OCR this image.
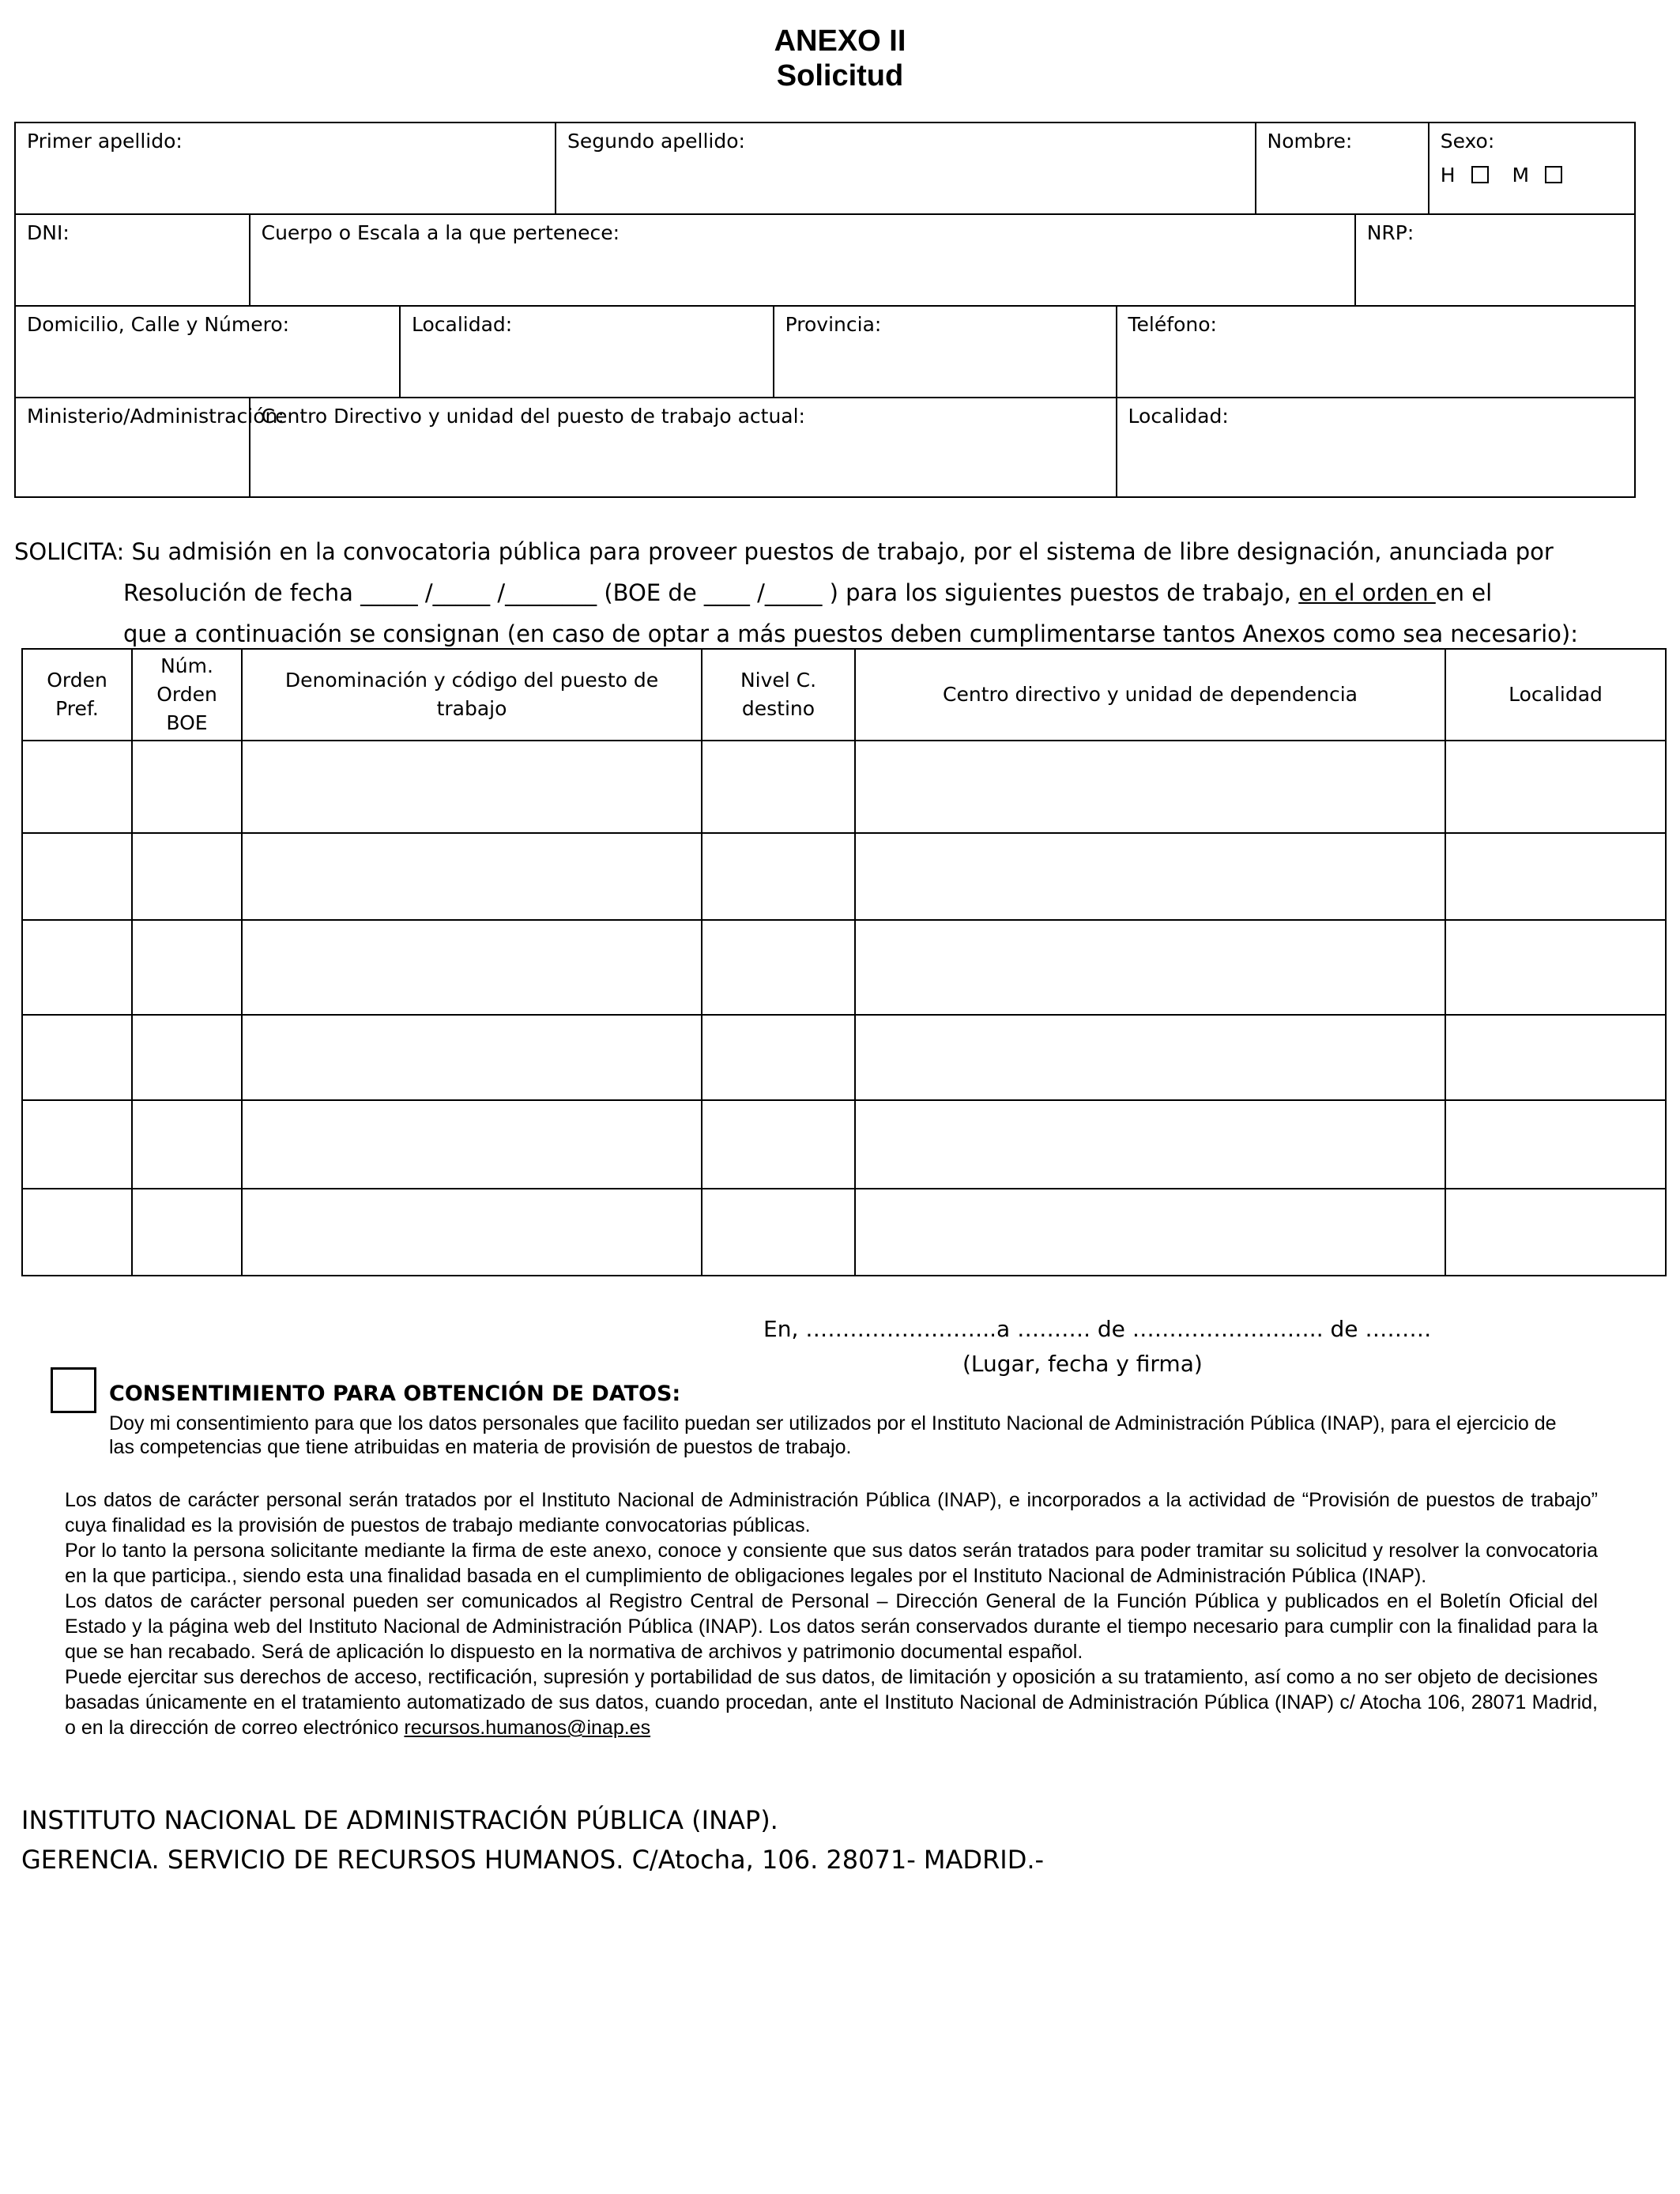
ANEXO II
Solicitud
Primer apellido:			Segundo apellido:			Nombre:		Sexo:
H M

DNI:	Cuerpo o Escala a la que pertenece:						NRP:	

Domicilio, Calle y Número:		Localidad:		Provincia:	Teléfono:			

Ministerio/Administración:	Centro Directivo y unidad del puesto de trabajo actual:				Localidad:			
SOLICITA: Su admisión en la convocatoria pública para proveer puestos de trabajo, por el sistema de libre designación, anunciada por
Resolución de fecha _____ /_____ /________ (BOE de ____ /_____ ) para los siguientes puestos de trabajo, en el orden en el
que a continuación se consignan (en caso de optar a más puestos deben cumplimentarse tantos Anexos como sea necesario):
Orden Pref.	Núm. Orden BOE	Denominación y código del puesto de trabajo	Nivel C. destino	Centro directivo y unidad de dependencia	Localidad

En, ……………………..a ………. de …………………….. de ………
(Lugar, fecha y firma)
CONSENTIMIENTO PARA OBTENCIÓN DE DATOS:
Doy mi consentimiento para que los datos personales que facilito puedan ser utilizados por el Instituto Nacional de Administración Pública (INAP), para el ejercicio de las competencias que tiene atribuidas en materia de provisión de puestos de trabajo.

Los datos de carácter personal serán tratados por el Instituto Nacional de Administración Pública (INAP), e incorporados a la actividad de “Provisión de puestos de trabajo” cuya finalidad es la provisión de puestos de trabajo mediante convocatorias públicas.

Por lo tanto la persona solicitante mediante la firma de este anexo, conoce y consiente que sus datos serán tratados para poder tramitar su solicitud y resolver la convocatoria en la que participa., siendo esta una finalidad basada en el cumplimiento de obligaciones legales por el Instituto Nacional de Administración Pública (INAP).

Los datos de carácter personal pueden ser comunicados al Registro Central de Personal – Dirección General de la Función Pública y publicados en el Boletín Oficial del Estado y la página web del Instituto Nacional de Administración Pública (INAP). Los datos serán conservados durante el tiempo necesario para cumplir con la finalidad para la que se han recabado. Será de aplicación lo dispuesto en la normativa de archivos y patrimonio documental español.

Puede ejercitar sus derechos de acceso, rectificación, supresión y portabilidad de sus datos, de limitación y oposición a su tratamiento, así como a no ser objeto de decisiones basadas únicamente en el tratamiento automatizado de sus datos, cuando procedan, ante el Instituto Nacional de Administración Pública (INAP) c/ Atocha 106, 28071 Madrid, o en la dirección de correo electrónico recursos.humanos@inap.es

INSTITUTO NACIONAL DE ADMINISTRACIÓN PÚBLICA (INAP).
GERENCIA. SERVICIO DE RECURSOS HUMANOS. C/Atocha, 106. 28071- MADRID.-
